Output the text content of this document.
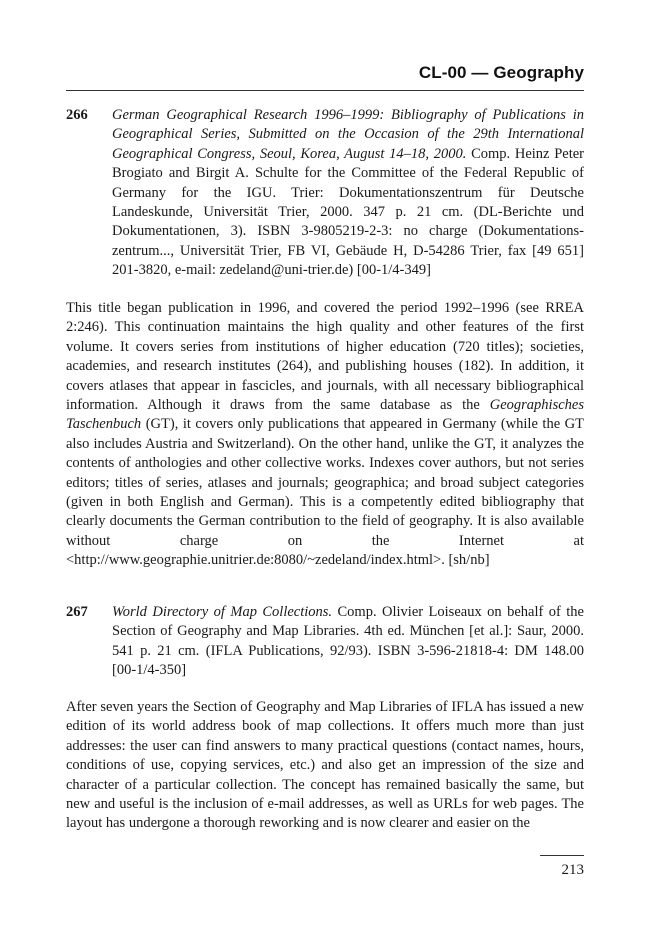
CL-00 — Geography
266 German Geographical Research 1996–1999: Bibliography of Publications in Geographical Series, Submitted on the Occasion of the 29th International Geographical Congress, Seoul, Korea, August 14–18, 2000. Comp. Heinz Peter Brogiato and Birgit A. Schulte for the Committee of the Federal Republic of Germany for the IGU. Trier: Dokumentationszentrum für Deutsche Landeskunde, Universität Trier, 2000. 347 p. 21 cm. (DL-Berichte und Dokumentationen, 3). ISBN 3-9805219-2-3: no charge (Dokumentations-zentrum..., Universität Trier, FB VI, Gebäude H, D-54286 Trier, fax [49 651] 201-3820, e-mail: zedeland@uni-trier.de) [00-1/4-349]
This title began publication in 1996, and covered the period 1992–1996 (see RREA 2:246). This continuation maintains the high quality and other features of the first volume. It covers series from institutions of higher education (720 titles); societies, academies, and research institutes (264), and publishing houses (182). In addition, it covers atlases that appear in fascicles, and journals, with all necessary bibliographical information. Although it draws from the same database as the Geographisches Taschenbuch (GT), it covers only publications that appeared in Germany (while the GT also includes Austria and Switzerland). On the other hand, unlike the GT, it analyzes the contents of anthologies and other collective works. Indexes cover authors, but not series editors; titles of series, atlases and journals; geographica; and broad subject categories (given in both English and German). This is a competently edited bibliography that clearly documents the German contribution to the field of geography. It is also available without charge on the Internet at <http://www.geographie.unitrier.de:8080/~zedeland/index.html>. [sh/nb]
267 World Directory of Map Collections. Comp. Olivier Loiseaux on behalf of the Section of Geography and Map Libraries. 4th ed. München [et al.]: Saur, 2000. 541 p. 21 cm. (IFLA Publications, 92/93). ISBN 3-596-21818-4: DM 148.00 [00-1/4-350]
After seven years the Section of Geography and Map Libraries of IFLA has issued a new edition of its world address book of map collections. It offers much more than just addresses: the user can find answers to many practical questions (contact names, hours, conditions of use, copying services, etc.) and also get an impression of the size and character of a particular collection. The concept has remained basically the same, but new and useful is the inclusion of e-mail addresses, as well as URLs for web pages. The layout has undergone a thorough reworking and is now clearer and easier on the
213
